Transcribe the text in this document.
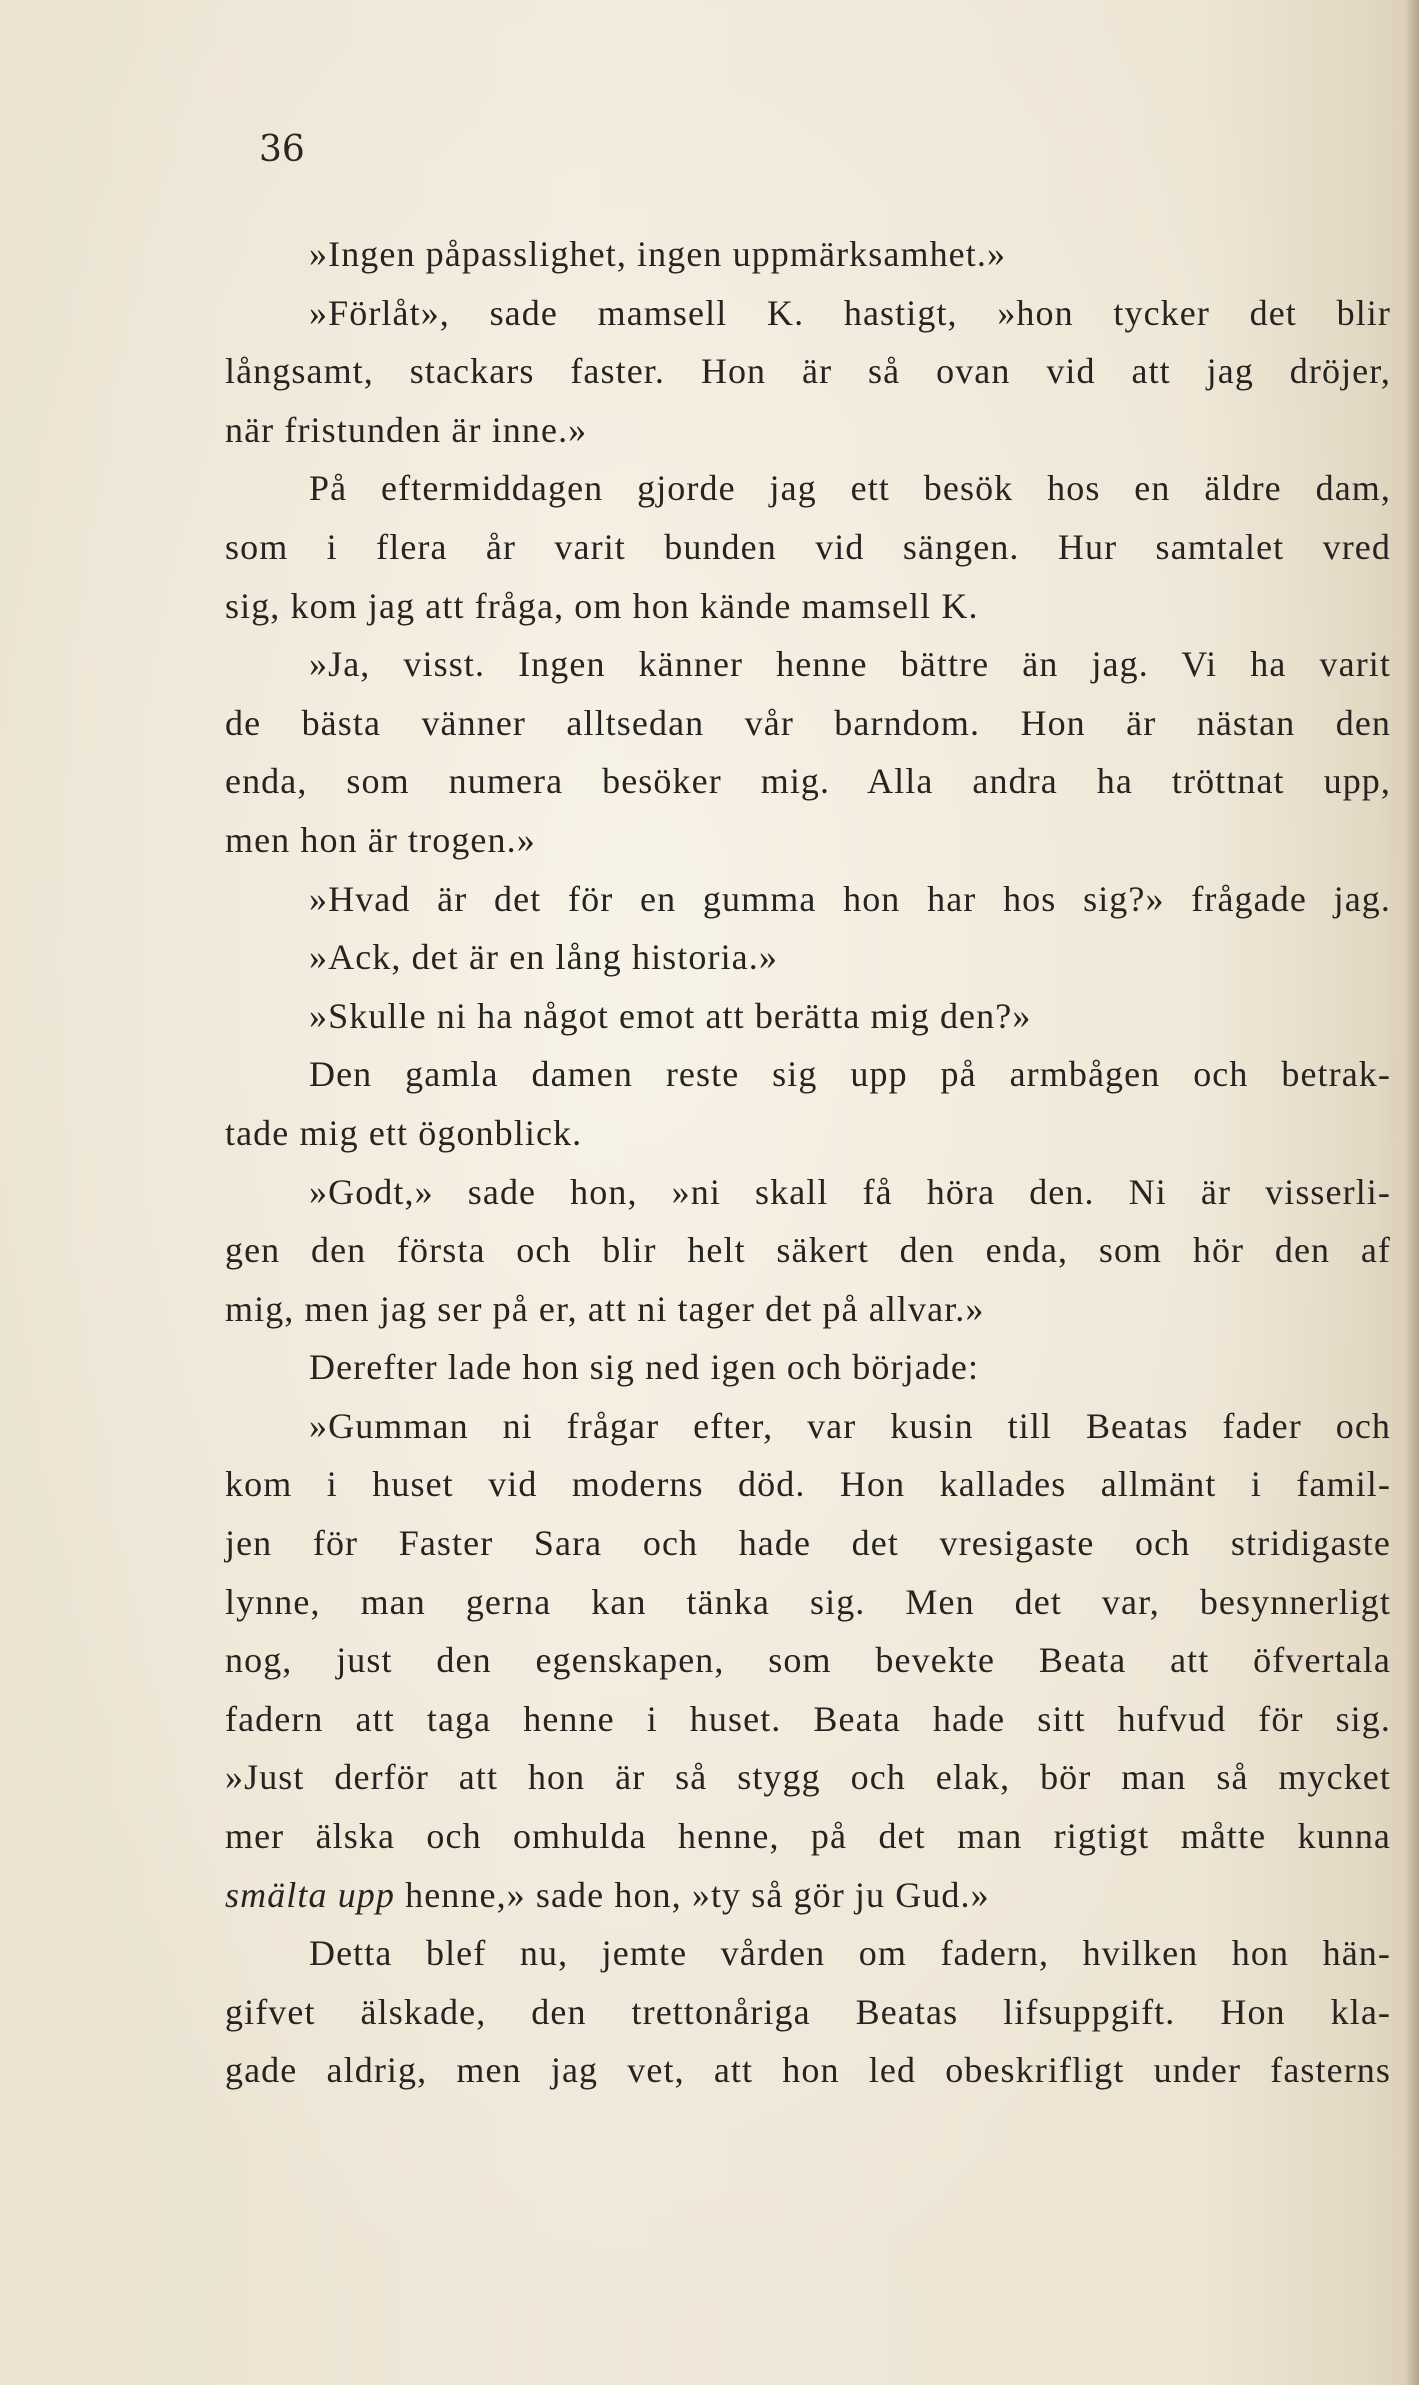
36
»Ingen påpasslighet, ingen uppmärksamhet.»
»Förlåt», sade mamsell K. hastigt, »hon tycker det blir
långsamt, stackars faster. Hon är så ovan vid att jag dröjer,
när fristunden är inne.»
På eftermiddagen gjorde jag ett besök hos en äldre dam,
som i flera år varit bunden vid sängen. Hur samtalet vred
sig, kom jag att fråga, om hon kände mamsell K.
»Ja, visst. Ingen känner henne bättre än jag. Vi ha varit
de bästa vänner alltsedan vår barndom. Hon är nästan den
enda, som numera besöker mig. Alla andra ha tröttnat upp,
men hon är trogen.»
»Hvad är det för en gumma hon har hos sig?» frågade jag.
»Ack, det är en lång historia.»
»Skulle ni ha något emot att berätta mig den?»
Den gamla damen reste sig upp på armbågen och betrak-
tade mig ett ögonblick.
»Godt,» sade hon, »ni skall få höra den. Ni är visserli-
gen den första och blir helt säkert den enda, som hör den af
mig, men jag ser på er, att ni tager det på allvar.»
Derefter lade hon sig ned igen och började:
»Gumman ni frågar efter, var kusin till Beatas fader och
kom i huset vid moderns död. Hon kallades allmänt i famil-
jen för Faster Sara och hade det vresigaste och stridigaste
lynne, man gerna kan tänka sig. Men det var, besynnerligt
nog, just den egenskapen, som bevekte Beata att öfvertala
fadern att taga henne i huset. Beata hade sitt hufvud för sig.
»Just derför att hon är så stygg och elak, bör man så mycket
mer älska och omhulda henne, på det man rigtigt måtte kunna
smälta upp henne,» sade hon, »ty så gör ju Gud.»
Detta blef nu, jemte vården om fadern, hvilken hon hän-
gifvet älskade, den trettonåriga Beatas lifsuppgift. Hon kla-
gade aldrig, men jag vet, att hon led obeskrifligt under fasterns
